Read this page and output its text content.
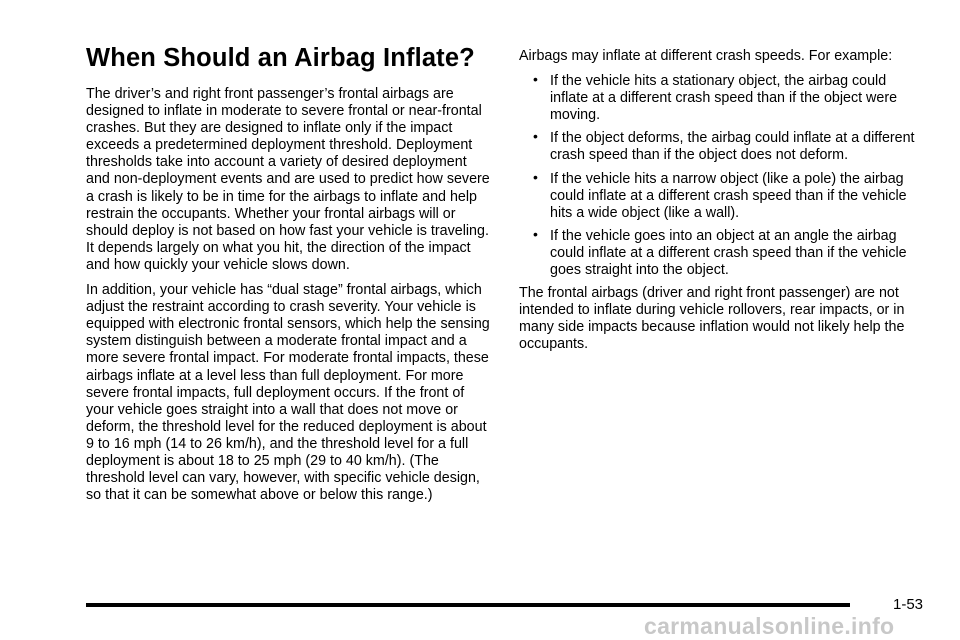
When Should an Airbag Inflate?

The driver’s and right front passenger’s frontal airbags are designed to inflate in moderate to severe frontal or near-frontal crashes. But they are designed to inflate only if the impact exceeds a predetermined deployment threshold. Deployment thresholds take into account a variety of desired deployment and non-deployment events and are used to predict how severe a crash is likely to be in time for the airbags to inflate and help restrain the occupants. Whether your frontal airbags will or should deploy is not based on how fast your vehicle is traveling. It depends largely on what you hit, the direction of the impact and how quickly your vehicle slows down.

In addition, your vehicle has “dual stage” frontal airbags, which adjust the restraint according to crash severity. Your vehicle is equipped with electronic frontal sensors, which help the sensing system distinguish between a moderate frontal impact and a more severe frontal impact. For moderate frontal impacts, these airbags inflate at a level less than full deployment. For more severe frontal impacts, full deployment occurs. If the front of your vehicle goes straight into a wall that does not move or deform, the threshold level for the reduced deployment is about 9 to 16 mph (14 to 26 km/h), and the threshold level for a full deployment is about 18 to 25 mph (29 to 40 km/h). (The threshold level can vary, however, with specific vehicle design, so that it can be somewhat above or below this range.)

Airbags may inflate at different crash speeds. For example:

• If the vehicle hits a stationary object, the airbag could inflate at a different crash speed than if the object were moving.
• If the object deforms, the airbag could inflate at a different crash speed than if the object does not deform.
• If the vehicle hits a narrow object (like a pole) the airbag could inflate at a different crash speed than if the vehicle hits a wide object (like a wall).
• If the vehicle goes into an object at an angle the airbag could inflate at a different crash speed than if the vehicle goes straight into the object.

The frontal airbags (driver and right front passenger) are not intended to inflate during vehicle rollovers, rear impacts, or in many side impacts because inflation would not likely help the occupants.

1-53
carmanualsonline.info
